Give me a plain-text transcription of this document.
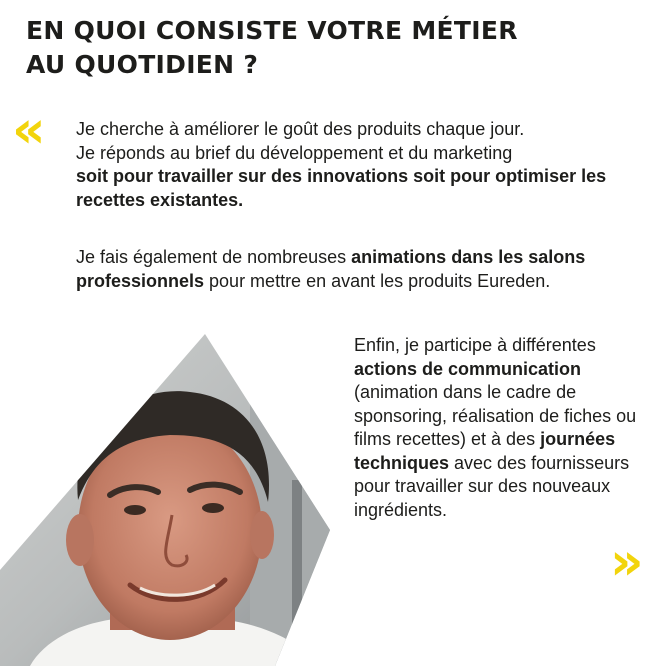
EN QUOI CONSISTE VOTRE MÉTIER
AU QUOTIDIEN ?
« Je cherche à améliorer le goût des produits chaque jour.
Je réponds au brief du développement et du marketing
soit pour travailler sur des innovations soit pour optimiser les recettes existantes.

Je fais également de nombreuses animations dans les salons professionnels pour mettre en avant les produits Eureden.

Enfin, je participe à différentes actions de communication (animation dans le cadre de sponsoring, réalisation de fiches ou films recettes) et à des journées techniques avec des fournisseurs pour travailler sur des nouveaux ingrédients.

»
